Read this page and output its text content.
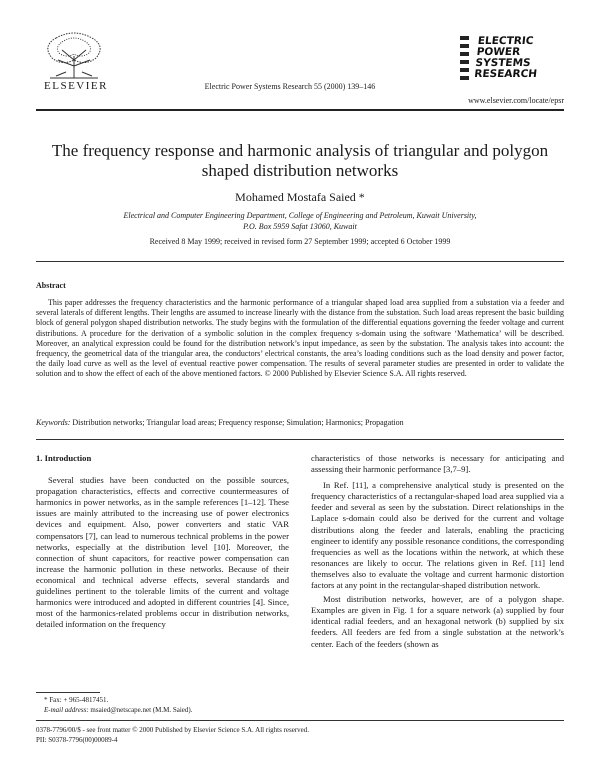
ELSEVIER	Electric Power Systems Research 55 (2000) 139–146
ELECTRIC
POWER
SYSTEMS
RESEARCH
www.elsevier.com/locate/epsr
The frequency response and harmonic analysis of triangular and polygon shaped distribution networks
Mohamed Mostafa Saied *
Electrical and Computer Engineering Department, College of Engineering and Petroleum, Kuwait University,
P.O. Box 5959 Safat 13060, Kuwait
Received 8 May 1999; received in revised form 27 September 1999; accepted 6 October 1999
Abstract
This paper addresses the frequency characteristics and the harmonic performance of a triangular shaped load area supplied from a substation via a feeder and several laterals of different lengths. Their lengths are assumed to increase linearly with the distance from the substation. Such load areas represent the basic building block of general polygon shaped distribution networks. The study begins with the formulation of the differential equations governing the feeder voltage and current distributions. A procedure for the derivation of a symbolic solution in the complex frequency s-domain using the software ‘Mathematica’ will be described. Moreover, an analytical expression could be found for the distribution network’s input impedance, as seen by the substation. The analysis takes into account: the frequency, the geometrical data of the triangular area, the conductors’ electrical constants, the area’s loading conditions such as the load density and power factor, the daily load curve as well as the level of eventual reactive power compensation. The results of several parameter studies are presented in order to validate the solution and to show the effect of each of the above mentioned factors. © 2000 Published by Elsevier Science S.A. All rights reserved.
Keywords: Distribution networks; Triangular load areas; Frequency response; Simulation; Harmonics; Propagation
1. Introduction
Several studies have been conducted on the possible sources, propagation characteristics, effects and corrective countermeasures of harmonics in power networks, as in the sample references [1–12]. These issues are mainly attributed to the increasing use of power electronics devices and equipment. Also, power converters and static VAR compensators [7], can lead to numerous technical problems in the power networks, especially at the distribution level [10]. Moreover, the connection of shunt capacitors, for reactive power compensation can increase the harmonic pollution in these networks. Because of their economical and technical adverse effects, several standards and guidelines pertinent to the tolerable limits of the current and voltage harmonics were introduced and adopted in different countries [4]. Since, most of the harmonics-related problems occur in distribution networks, detailed information on the frequency
characteristics of those networks is necessary for anticipating and assessing their harmonic performance [3,7–9].
In Ref. [11], a comprehensive analytical study is presented on the frequency characteristics of a rectangular-shaped load area supplied via a feeder and several as seen by the substation. Direct relationships in the Laplace s-domain could also be derived for the current and voltage distributions along the feeder and laterals, enabling the practicing engineer to identify any possible resonance conditions, the corresponding frequencies as well as the locations within the network, at which these resonances are likely to occur. The relations given in Ref. [11] lend themselves also to evaluate the voltage and current harmonic distortion factors at any point in the rectangular-shaped distribution network.
Most distribution networks, however, are of a polygon shape. Examples are given in Fig. 1 for a square network (a) supplied by four identical radial feeders, and an hexagonal network (b) supplied by six feeders. All feeders are fed from a single substation at the network’s center. Each of the feeders (shown as
* Fax: + 965-4817451.
E-mail address: msaied@netscape.net (M.M. Saied).
0378-7796/00/$ - see front matter © 2000 Published by Elsevier Science S.A. All rights reserved.
PII: S0378-7796(00)00089-4
